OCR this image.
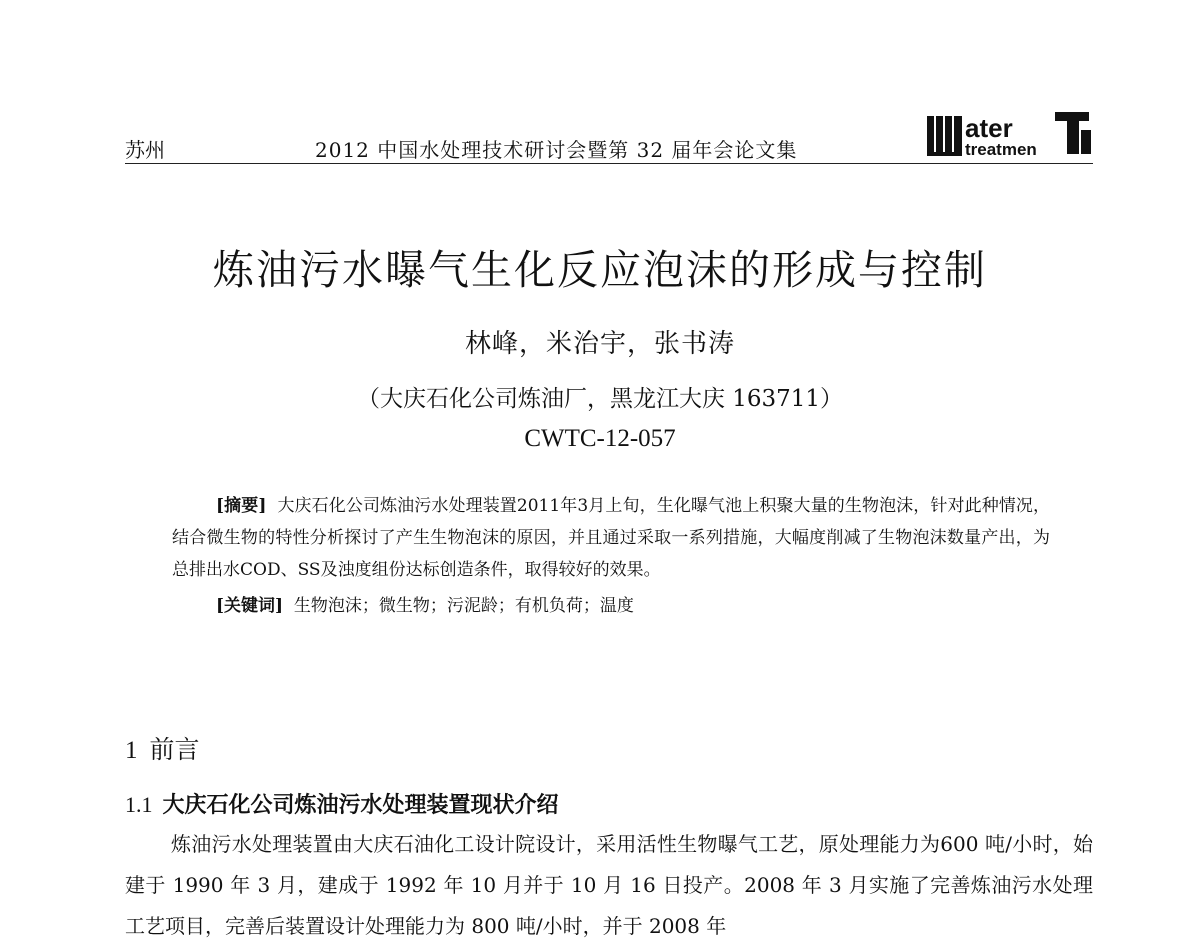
苏州	2012 中国水处理技术研讨会暨第 32 届年会论文集
ater
treatmen
炼油污水曝气生化反应泡沫的形成与控制
林峰，米治宇，张书涛
（大庆石化公司炼油厂，黑龙江大庆 163711）
CWTC-12-057

[摘要] 大庆石化公司炼油污水处理装置2011年3月上旬，生化曝气池上积聚大量的生物泡沫，针对此种情况，结合微生物的特性分析探讨了产生生物泡沫的原因，并且通过采取一系列措施，大幅度削减了生物泡沫数量产出，为总排出水COD、SS及浊度组份达标创造条件，取得较好的效果。

[关键词] 生物泡沫；微生物；污泥龄；有机负荷；温度

1 前言
1.1 大庆石化公司炼油污水处理装置现状介绍

炼油污水处理装置由大庆石油化工设计院设计，采用活性生物曝气工艺，原处理能力为600 吨/小时，始建于 1990 年 3 月，建成于 1992 年 10 月并于 10 月 16 日投产。2008 年 3 月实施了完善炼油污水处理工艺项目，完善后装置设计处理能力为 800 吨/小时，并于 2008 年
